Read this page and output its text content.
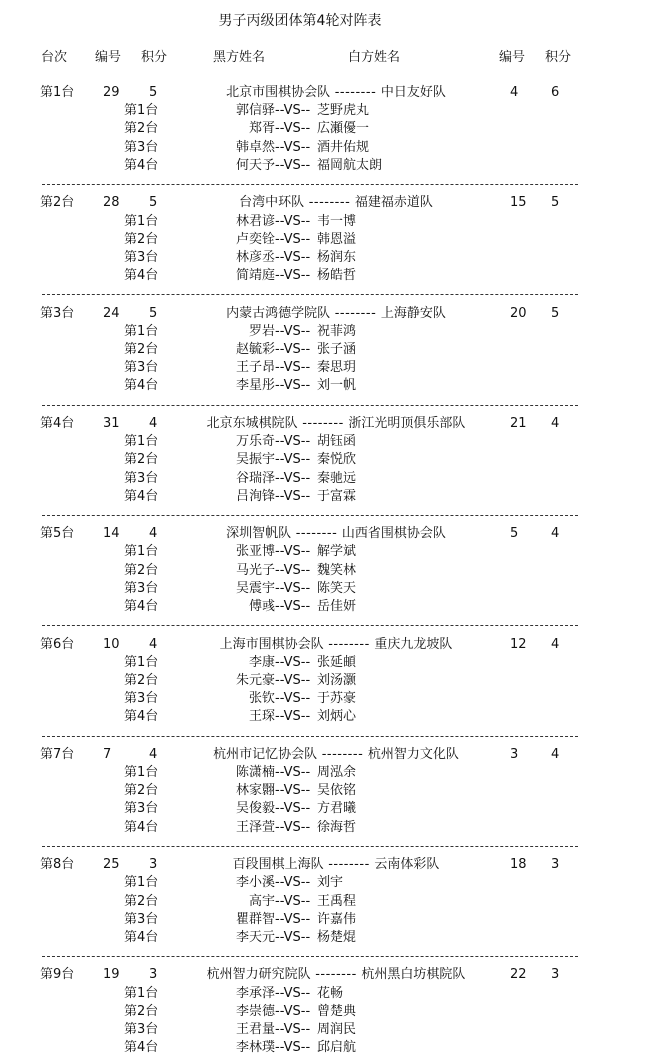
男子丙级团体第4轮对阵表
台次 编号 积分	黑方姓名	白方姓名	编号 积分
第1台 29 5	北京市围棋协会队 -------- 中日友好队	4	6
第1台	郭信驿 --VS-- 芝野虎丸
第2台	郑胥 --VS-- 広瀬優一
第3台	韩卓然 --VS-- 酒井佑规
第4台	何天予 --VS-- 福岡航太朗
第2台 28 5	台湾中环队 -------- 福建福赤道队	15 5
第1台	林君谚 --VS-- 韦一博
第2台	卢奕铨 --VS-- 韩恩溢
第3台	林彦丞 --VS-- 杨润东
第4台	简靖庭 --VS-- 杨皓哲
第3台 24 5	内蒙古鸿德学院队 -------- 上海静安队	20 5
第1台	罗岩 --VS-- 祝菲鸿
第2台	赵毓彩 --VS-- 张子涵
第3台	王子昂 --VS-- 秦思玥
第4台	李星彤 --VS-- 刘一帆
第4台 31 4	北京东城棋院队 -------- 浙江光明顶俱乐部队	21 4
第1台	万乐奇 --VS-- 胡钰函
第2台	吴振宇 --VS-- 秦悦欣
第3台	谷瑞泽 --VS-- 秦驰远
第4台	吕洵锋 --VS-- 于富霖
第5台 14 4	深圳智帆队 -------- 山西省围棋协会队	5	4
第1台	张亚博 --VS-- 解学斌
第2台	马光子 --VS-- 魏笑林
第3台	吴震宇 --VS-- 陈笑天
第4台	傅彧 --VS-- 岳佳妍
第6台 10 4	上海市围棋协会队 -------- 重庆九龙坡队	12 4
第1台	李康 --VS-- 张延頔
第2台	朱元豪 --VS-- 刘汤灏
第3台	张钦 --VS-- 于苏豪
第4台	王琛 --VS-- 刘炳心
第7台 7	4	杭州市记忆协会队 -------- 杭州智力文化队	3	4
第1台	陈潇楠 --VS-- 周泓余
第2台	林家翾 --VS-- 吴依铭
第3台	吴俊毅 --VS-- 方君曦
第4台	王泽萱 --VS-- 徐海哲
第8台 25 3	百段围棋上海队 -------- 云南体彩队	18 3
第1台	李小溪 --VS-- 刘宇
第2台	高宇 --VS-- 王禹程
第3台	瞿群智 --VS-- 许嘉伟
第4台	李天元 --VS-- 杨楚焜
第9台 19 3	杭州智力研究院队 -------- 杭州黑白坊棋院队	22 3
第1台	李承泽 --VS-- 花畅
第2台	李崇德 --VS-- 曾楚典
第3台	王君量 --VS-- 周润民
第4台	李林璞 --VS-- 邱启航
